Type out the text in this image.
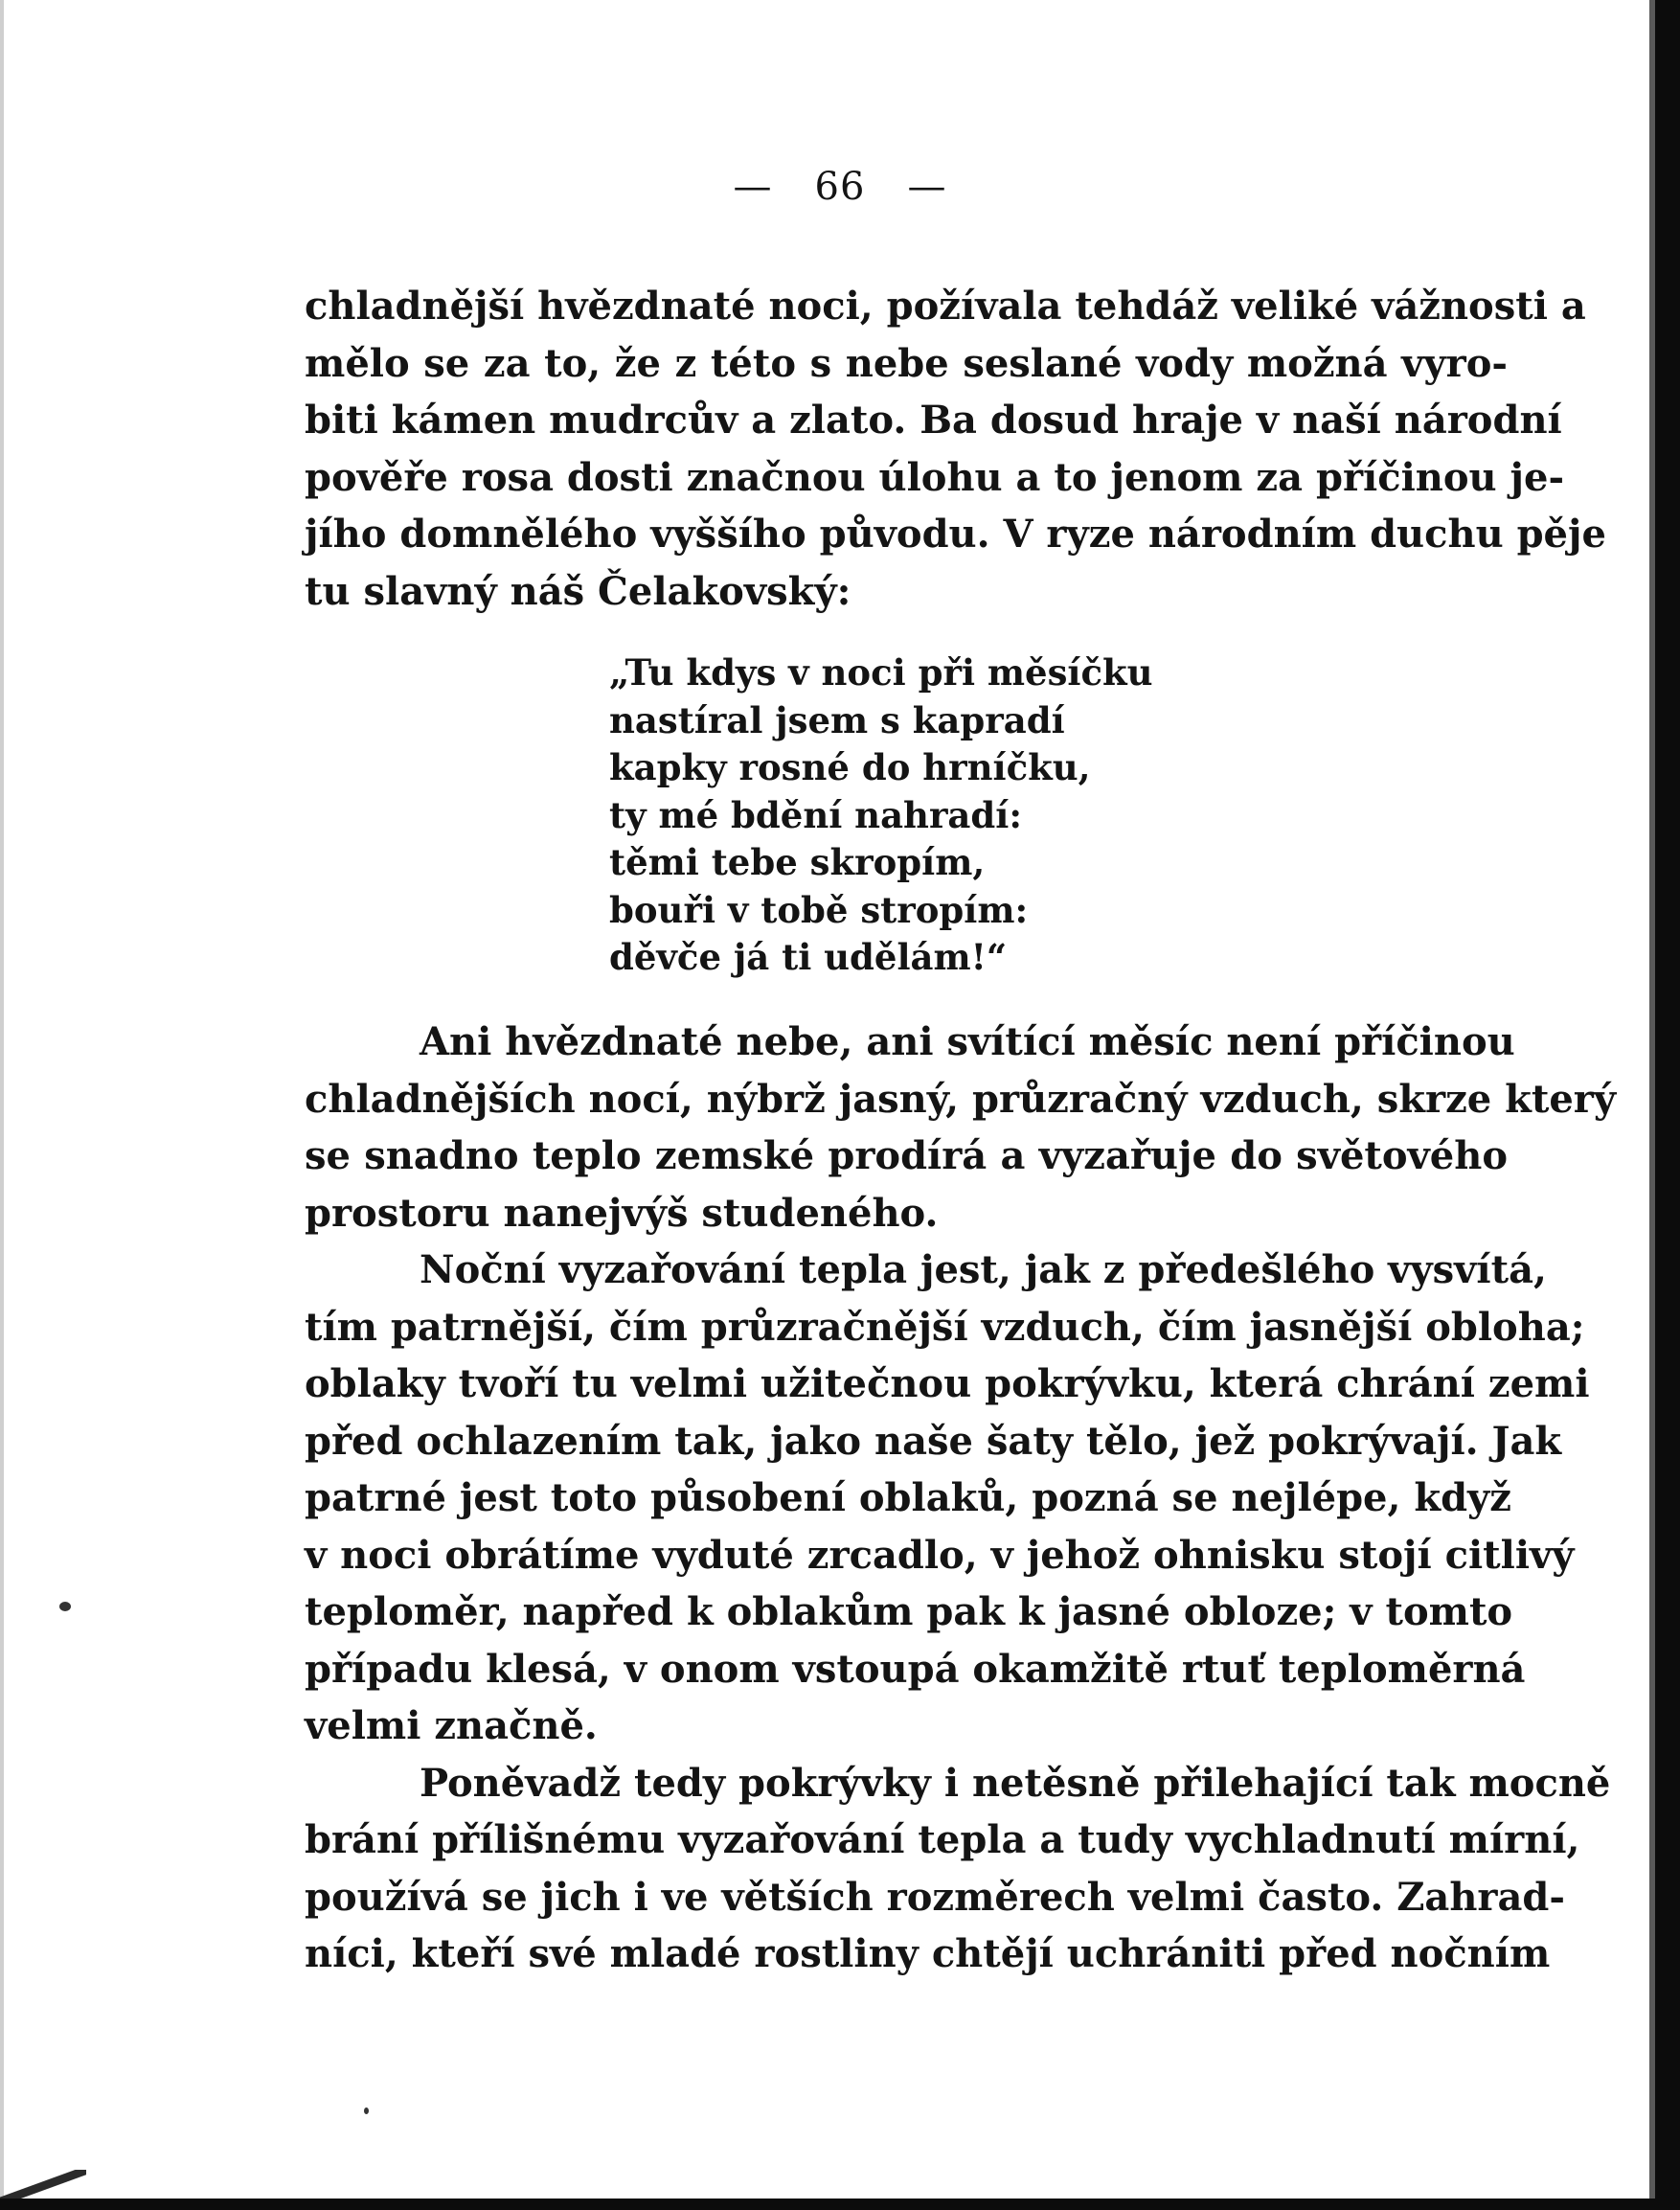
— 66 —
chladnější hvězdnaté noci, požívala tehdáž veliké vážnosti a
mělo se za to, že z této s nebe seslané vody možná vyro-
biti kámen mudrcův a zlato. Ba dosud hraje v naší národní
pověře rosa dosti značnou úlohu a to jenom za příčinou je-
jího domnělého vyššího původu. V ryze národním duchu pěje
tu slavný náš Čelakovský:
„Tu kdys v noci při měsíčku
nastíral jsem s kapradí
kapky rosné do hrníčku,
ty mé bdění nahradí:
těmi tebe skropím,
bouři v tobě stropím:
děvče já ti udělám!“
Ani hvězdnaté nebe, ani svítící měsíc není příčinou
chladnějších nocí, nýbrž jasný, průzračný vzduch, skrze který
se snadno teplo zemské prodírá a vyzařuje do světového
prostoru nanejvýš studeného.
Noční vyzařování tepla jest, jak z předešlého vysvítá,
tím patrnější, čím průzračnější vzduch, čím jasnější obloha;
oblaky tvoří tu velmi užitečnou pokrývku, která chrání zemi
před ochlazením tak, jako naše šaty tělo, jež pokrývají. Jak
patrné jest toto působení oblaků, pozná se nejlépe, když
v noci obrátíme vyduté zrcadlo, v jehož ohnisku stojí citlivý
teploměr, napřed k oblakům pak k jasné obloze; v tomto
případu klesá, v onom vstoupá okamžitě rtuť teploměrná
velmi značně.
Poněvadž tedy pokrývky i netěsně přilehající tak mocně
brání přílišnému vyzařování tepla a tudy vychladnutí mírní,
používá se jich i ve větších rozměrech velmi často. Zahrad-
níci, kteří své mladé rostliny chtějí uchrániti před nočním
